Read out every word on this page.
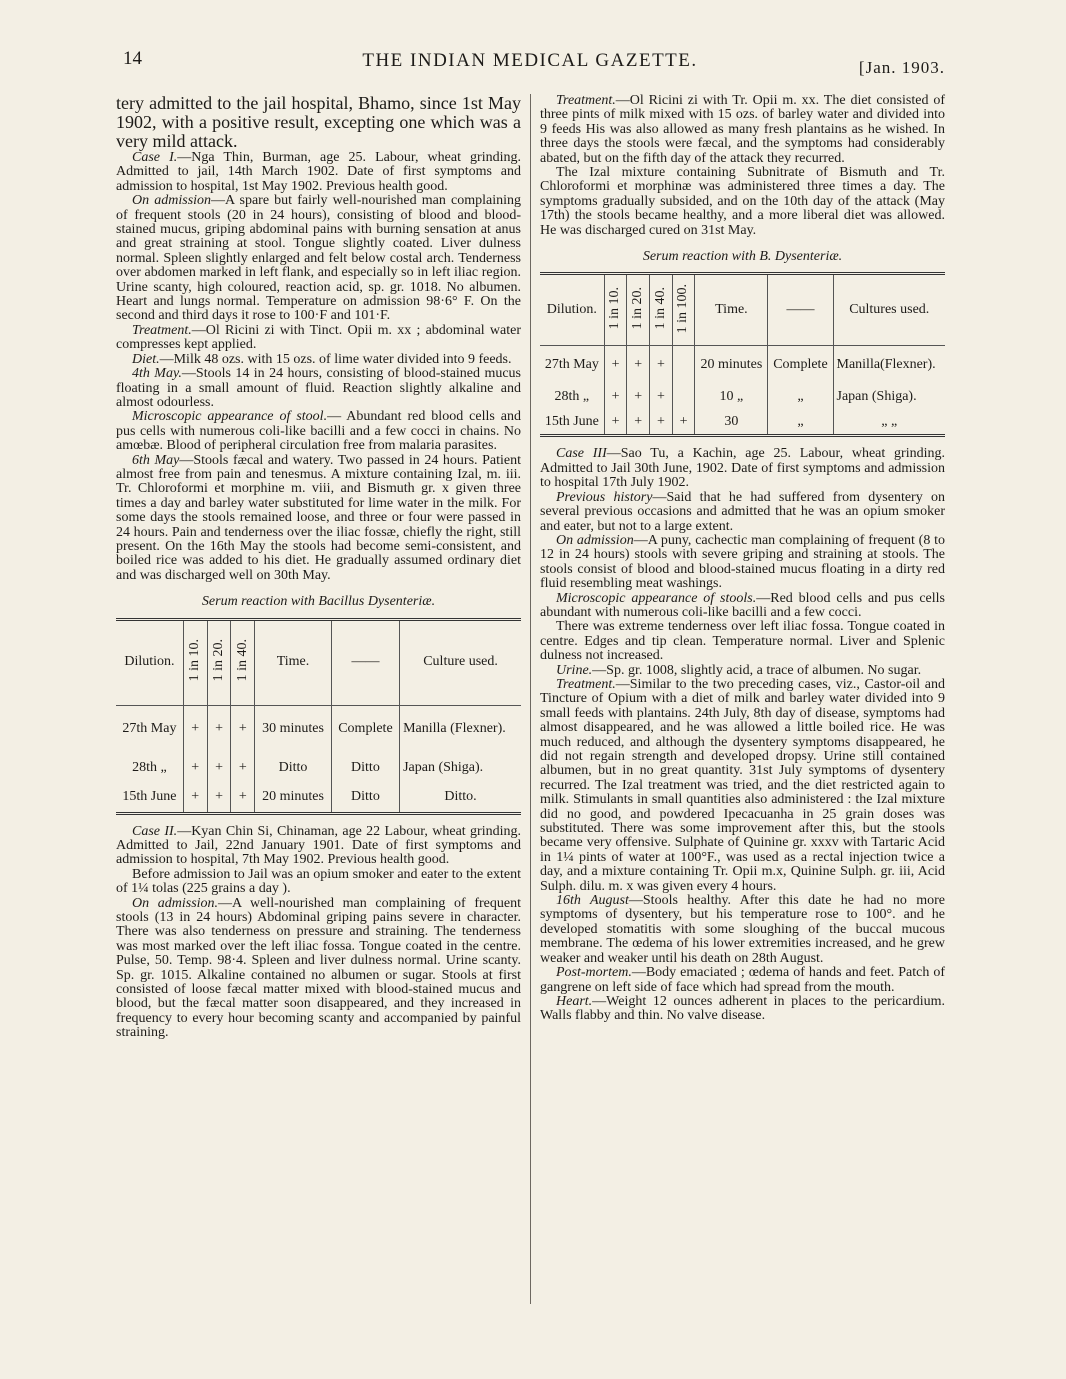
14	THE INDIAN MEDICAL GAZETTE.	[Jan. 1903.

tery admitted to the jail hospital, Bhamo, since 1st May 1902, with a positive result, excepting one which was a very mild attack.

Case I.—Nga Thin, Burman, age 25. Labour, wheat grinding. Admitted to jail, 14th March 1902. Date of first symptoms and admission to hospital, 1st May 1902. Previous health good.

On admission—A spare but fairly well-nourished man complaining of frequent stools (20 in 24 hours), consisting of blood and blood-stained mucus, griping abdominal pains with burning sensation at anus and great straining at stool. Tongue slightly coated. Liver dulness normal. Spleen slightly enlarged and felt below costal arch. Tenderness over abdomen marked in left flank, and especially so in left iliac region. Urine scanty, high coloured, reaction acid, sp. gr. 1018. No albumen. Heart and lungs normal. Temperature on admission 98·6° F. On the second and third days it rose to 100·F and 101·F.

Treatment.—Ol Ricini zi with Tinct. Opii m. xx ; abdominal water compresses kept applied.

Diet.—Milk 48 ozs. with 15 ozs. of lime water divided into 9 feeds.

4th May.—Stools 14 in 24 hours, consisting of blood-stained mucus floating in a small amount of fluid. Reaction slightly alkaline and almost odourless.

Microscopic appearance of stool.— Abundant red blood cells and pus cells with numerous coli-like bacilli and a few cocci in chains. No amœbæ. Blood of peripheral circulation free from malaria parasites.

6th May—Stools fæcal and watery. Two passed in 24 hours. Patient almost free from pain and tenesmus. A mixture containing Izal, m. iii. Tr. Chloroformi et morphine m. viii, and Bismuth gr. x given three times a day and barley water substituted for lime water in the milk. For some days the stools remained loose, and three or four were passed in 24 hours. Pain and tenderness over the iliac fossæ, chiefly the right, still present. On the 16th May the stools had become semi-consistent, and boiled rice was added to his diet. He gradually assumed ordinary diet and was discharged well on 30th May.

Serum reaction with Bacillus Dysenteriæ.

Dilution.	1 in 10.	1 in 20.	1 in 40.	Time.	——	Culture used.
27th May	+	+	+	30 minutes	Complete	Manilla (Flexner).
28th „	+	+	+	Ditto	Ditto	Japan (Shiga).
15th June	+	+	+	20 minutes	Ditto	Ditto.

Case II.—Kyan Chin Si, Chinaman, age 22 Labour, wheat grinding. Admitted to Jail, 22nd January 1901. Date of first symptoms and admission to hospital, 7th May 1902. Previous health good.

Before admission to Jail was an opium smoker and eater to the extent of 1¼ tolas (225 grains a day ).

On admission.—A well-nourished man complaining of frequent stools (13 in 24 hours) Abdominal griping pains severe in character. There was also tenderness on pressure and straining. The tenderness was most marked over the left iliac fossa. Tongue coated in the centre. Pulse, 50. Temp. 98·4. Spleen and liver dulness normal. Urine scanty. Sp. gr. 1015. Alkaline contained no albumen or sugar. Stools at first consisted of loose fæcal matter mixed with blood-stained mucus and blood, but the fæcal matter soon disappeared, and they increased in frequency to every hour becoming scanty and accompanied by painful straining.

Treatment.—Ol Ricini zi with Tr. Opii m. xx. The diet consisted of three pints of milk mixed with 15 ozs. of barley water and divided into 9 feeds His was also allowed as many fresh plantains as he wished. In three days the stools were fæcal, and the symptoms had considerably abated, but on the fifth day of the attack they recurred.

The Izal mixture containing Subnitrate of Bismuth and Tr. Chloroformi et morphinæ was administered three times a day. The symptoms gradually subsided, and on the 10th day of the attack (May 17th) the stools became healthy, and a more liberal diet was allowed. He was discharged cured on 31st May.

Serum reaction with B. Dysenteriæ.

Dilution.	1 in 10.	1 in 20.	1 in 40.	1 in 100.	Time.	——	Cultures used.
27th May	+	+	+		20 minutes	Complete	Manilla(Flexner).
28th „	+	+	+		10 „	„	Japan (Shiga).
15th June	+	+	+	+	30	„	„ „

Case III—Sao Tu, a Kachin, age 25. Labour, wheat grinding. Admitted to Jail 30th June, 1902. Date of first symptoms and admission to hospital 17th July 1902.

Previous history—Said that he had suffered from dysentery on several previous occasions and admitted that he was an opium smoker and eater, but not to a large extent.

On admission—A puny, cachectic man complaining of frequent (8 to 12 in 24 hours) stools with severe griping and straining at stools. The stools consist of blood and blood-stained mucus floating in a dirty red fluid resembling meat washings.

Microscopic appearance of stools.—Red blood cells and pus cells abundant with numerous coli-like bacilli and a few cocci.

There was extreme tenderness over left iliac fossa. Tongue coated in centre. Edges and tip clean. Temperature normal. Liver and Splenic dulness not increased.

Urine.—Sp. gr. 1008, slightly acid, a trace of albumen. No sugar.

Treatment.—Similar to the two preceding cases, viz., Castor-oil and Tincture of Opium with a diet of milk and barley water divided into 9 small feeds with plantains. 24th July, 8th day of disease, symptoms had almost disappeared, and he was allowed a little boiled rice. He was much reduced, and although the dysentery symptoms disappeared, he did not regain strength and developed dropsy. Urine still contained albumen, but in no great quantity. 31st July symptoms of dysentery recurred. The Izal treatment was tried, and the diet restricted again to milk. Stimulants in small quantities also administered : the Izal mixture did no good, and powdered Ipecacuanha in 25 grain doses was substituted. There was some improvement after this, but the stools became very offensive. Sulphate of Quinine gr. xxxv with Tartaric Acid in 1¼ pints of water at 100°F., was used as a rectal injection twice a day, and a mixture containing Tr. Opii m.x, Quinine Sulph. gr. iii, Acid Sulph. dilu. m. x was given every 4 hours.

16th August—Stools healthy. After this date he had no more symptoms of dysentery, but his temperature rose to 100°. and he developed stomatitis with some sloughing of the buccal mucous membrane. The œdema of his lower extremities increased, and he grew weaker and weaker until his death on 28th August.

Post-mortem.—Body emaciated ; œdema of hands and feet. Patch of gangrene on left side of face which had spread from the mouth.

Heart.—Weight 12 ounces adherent in places to the pericardium. Walls flabby and thin. No valve disease.
